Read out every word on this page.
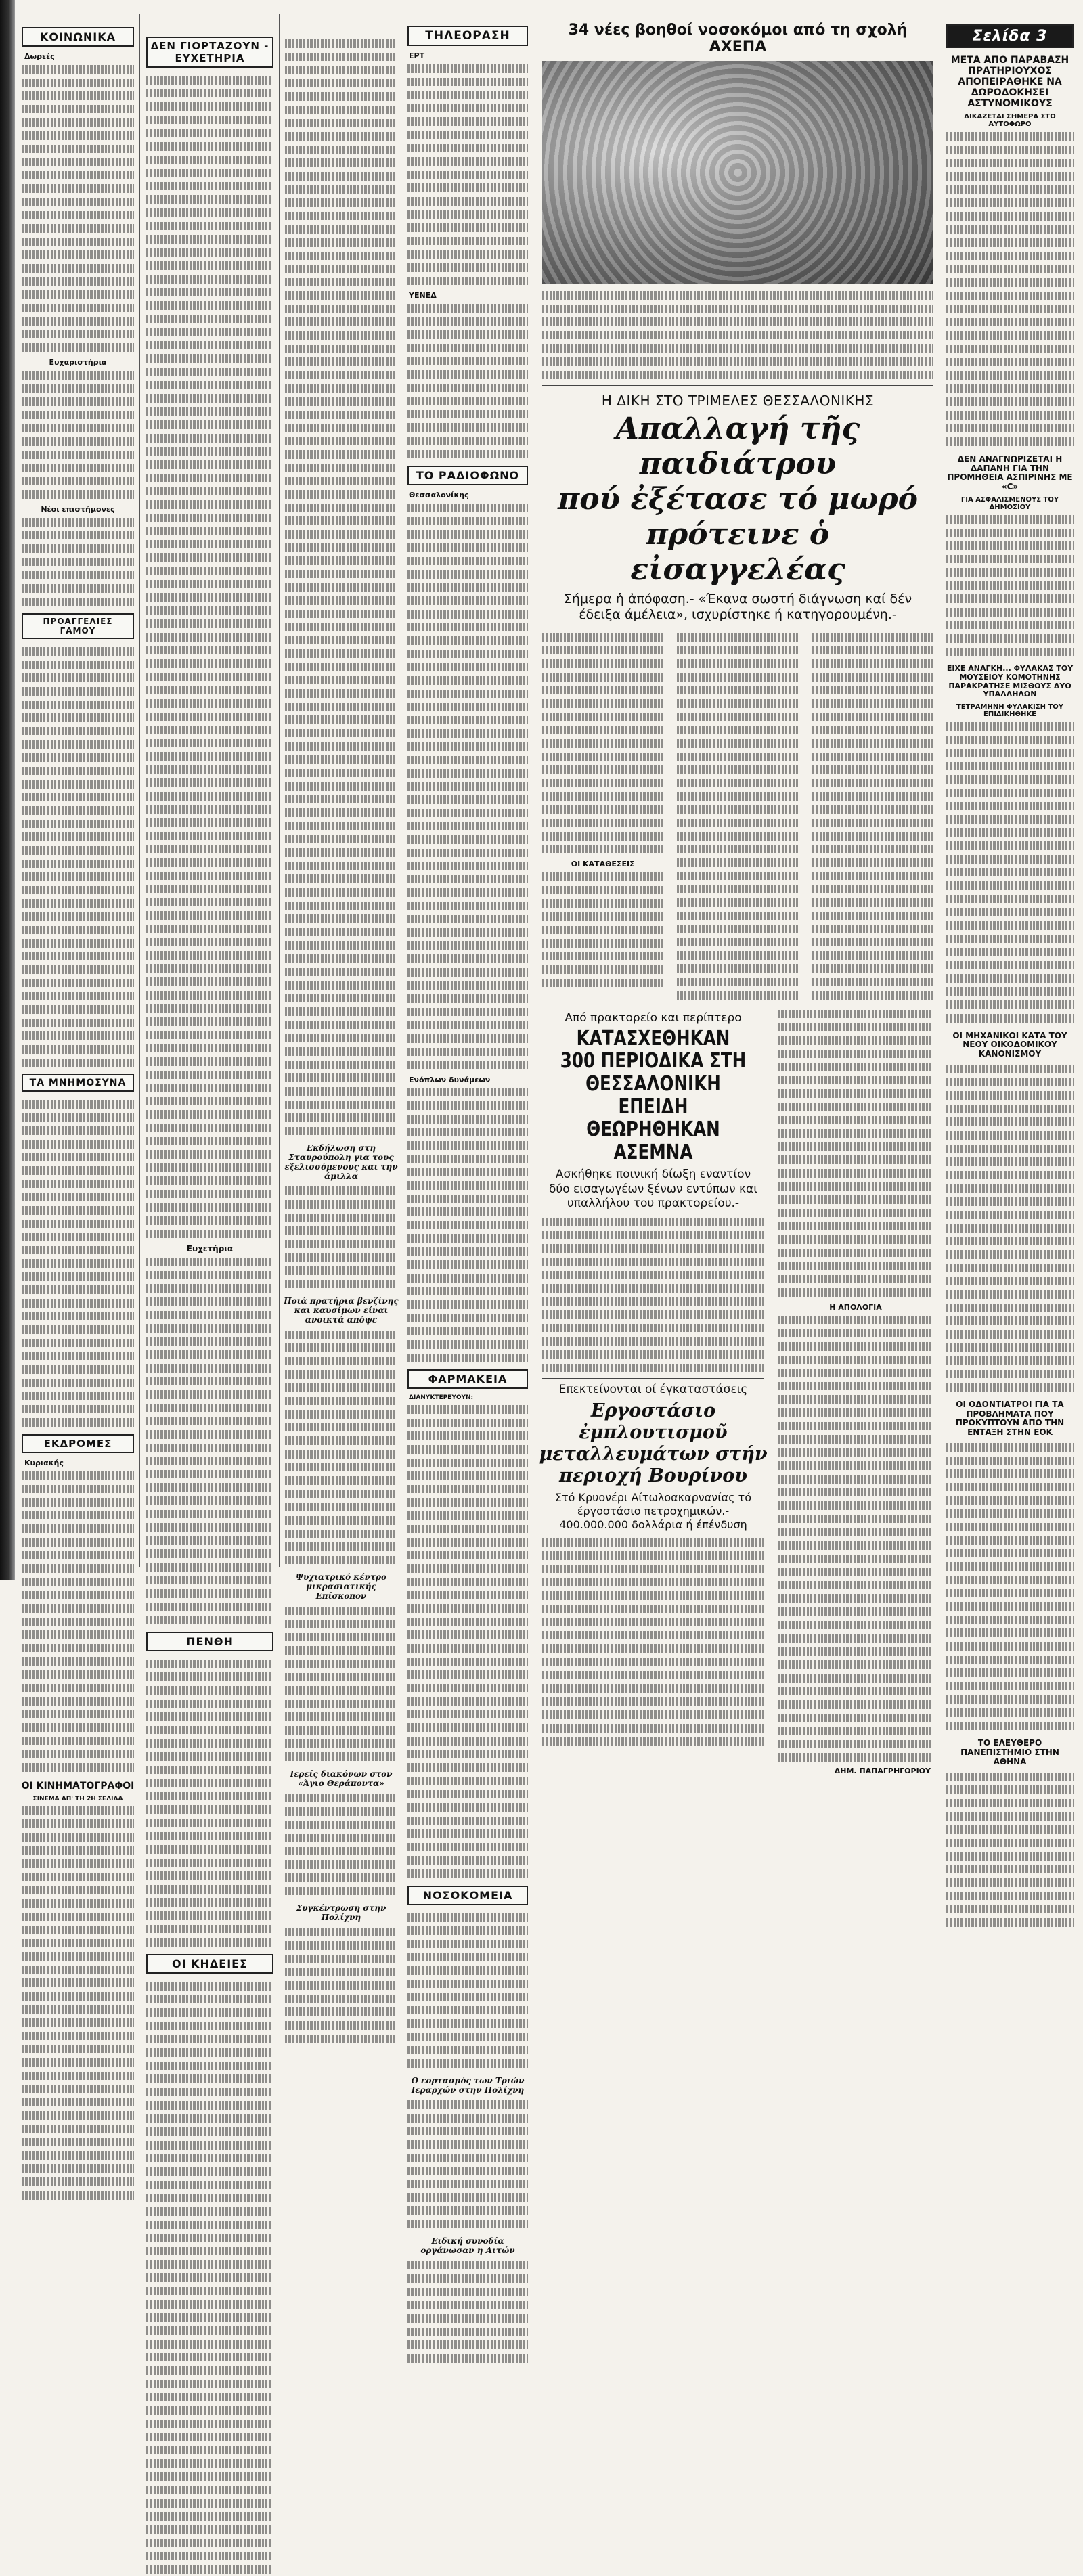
ΚΟΙΝΩΝΙΚΑ
Δωρεές
Ευχαριστήρια
Νέοι επιστήμονες
ΠΡΟΑΓΓΕΛΙΕΣ ΓΑΜΟΥ
ΤΑ ΜΝΗΜΟΣΥΝΑ
ΕΚΔΡΟΜΕΣ
Κυριακής
ΟΙ ΚΙΝΗΜΑΤΟΓΡΑΦΟΙ
ΣΙΝΕΜΑ ΑΠ' ΤΗ 2Η ΣΕΛΙΔΑ
ΔΕΝ ΓΙΟΡΤΑΖΟΥΝ - ΕΥΧΕΤΗΡΙΑ
Ευχετήρια
ΠΕΝΘΗ
ΟΙ ΚΗΔΕΙΕΣ
Εκδήλωση στη Σταυρούπολη για τους εξελισσόμενους και την άμιλλα
Ποιά πρατήρια βενζίνης και καυσίμων είναι ανοικτά απόψε
Ψυχιατρικό κέντρο μικρασιατικής Επίσκοπον
Ιερείς διακόνων στον «Άγιο Θεράποντα»
Συγκέντρωση στην Πολίχνη
ΤΗΛΕΟΡΑΣΗ
ΕΡΤ
ΥΕΝΕΔ
ΤΟ ΡΑΔΙΟΦΩΝΟ
Θεσσαλονίκης
Ενόπλων δυνάμεων
ΦΑΡΜΑΚΕΙΑ
ΔΙΑΝΥΚΤΕΡΕΥΟΥΝ:
ΝΟΣΟΚΟΜΕΙΑ
Ο εορτασμός των Τριών Ιεραρχών στην Πολίχνη
Ειδική συνοδία οργάνωσαν η Αιτών
34 νέες βοηθοί νοσοκόμοι από τη σχολή ΑΧΕΠΑ
Η ΔΙΚΗ ΣΤΟ ΤΡΙΜΕΛΕΣ ΘΕΣΣΑΛΟΝΙΚΗΣ
Απαλλαγή τῆς παιδιάτρου
πού ἐξέτασε τό μωρό
πρότεινε ὁ εἰσαγγελέας
Σήμερα ἡ ἀπόφαση.- «Έκανα σωστή διάγνωση καί δέν έδειξα άμέλεια», ισχυρίστηκε ή κατηγορουμένη.-
ΟΙ ΚΑΤΑΘΕΣΕΙΣ
Από πρακτορείο και περίπτερο
ΚΑΤΑΣΧΕΘΗΚΑΝ 300 ΠΕΡΙΟΔΙΚΑ ΣΤΗ ΘΕΣΣΑΛΟΝΙΚΗ ΕΠΕΙΔΗ ΘΕΩΡΗΘΗΚΑΝ ΑΣΕΜΝΑ
Ασκήθηκε ποινική δίωξη εναντίον δύο εισαγωγέων ξένων εντύπων και υπαλλήλου του πρακτορείου.-
Επεκτείνονται οί έγκαταστάσεις
Εργοστάσιο ἐμπλουτισμοῦ μεταλλευμάτων στήν περιοχή Βουρίνου
Στό Κρυονέρι Αίτωλοακαρνανίας τό έργοστάσιο πετροχημικών.- 400.000.000 δολλάρια ή έπένδυση
Η ΑΠΟΛΟΓΙΑ
ΔΗΜ. ΠΑΠΑΓΡΗΓΟΡΙΟΥ
Σελίδα 3
ΜΕΤΑ ΑΠΟ ΠΑΡΑΒΑΣΗ ΠΡΑΤΗΡΙΟΥΧΟΣ ΑΠΟΠΕΙΡΑΘΗΚΕ ΝΑ ΔΩΡΟΔΟΚΗΣΕΙ ΑΣΤΥΝΟΜΙΚΟΥΣ
ΔΙΚΑΖΕΤΑΙ ΣΗΜΕΡΑ ΣΤΟ ΑΥΤΟΦΩΡΟ
ΔΕΝ ΑΝΑΓΝΩΡΙΖΕΤΑΙ Η ΔΑΠΑΝΗ ΓΙΑ ΤΗΝ ΠΡΟΜΗΘΕΙΑ ΑΣΠΙΡΙΝΗΣ ΜΕ «C»
ΓΙΑ ΑΣΦΑΛΙΣΜΕΝΟΥΣ ΤΟΥ ΔΗΜΟΣΙΟΥ
ΕΙΧΕ ΑΝΑΓΚΗ... ΦΥΛΑΚΑΣ ΤΟΥ ΜΟΥΣΕΙΟΥ ΚΟΜΟΤΗΝΗΣ ΠΑΡΑΚΡΑΤΗΣΕ ΜΙΣΘΟΥΣ ΔΥΟ ΥΠΑΛΛΗΛΩΝ
ΤΕΤΡΑΜΗΝΗ ΦΥΛΑΚΙΣΗ ΤΟΥ ΕΠΙΔΙΚΗΘΗΚΕ
ΟΙ ΜΗΧΑΝΙΚΟΙ ΚΑΤΑ ΤΟΥ ΝΕΟΥ ΟΙΚΟΔΟΜΙΚΟΥ ΚΑΝΟΝΙΣΜΟΥ
ΟΙ ΟΔΟΝΤΙΑΤΡΟΙ ΓΙΑ ΤΑ ΠΡΟΒΛΗΜΑΤΑ ΠΟΥ ΠΡΟΚΥΠΤΟΥΝ ΑΠΟ ΤΗΝ ΕΝΤΑΞΗ ΣΤΗΝ ΕΟΚ
ΤΟ ΕΛΕΥΘΕΡΟ ΠΑΝΕΠΙΣΤΗΜΙΟ ΣΤΗΝ ΑΘΗΝΑ
